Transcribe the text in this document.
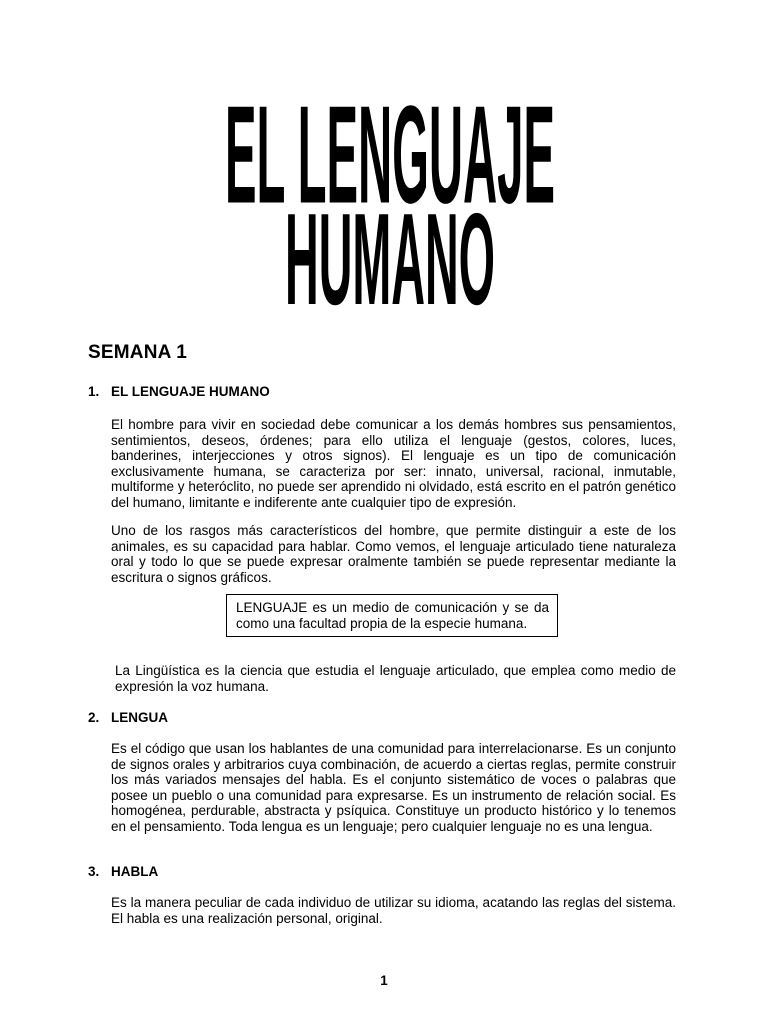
EL LENGUAJE
HUMANO
SEMANA 1
1. EL LENGUAJE HUMANO
El hombre para vivir en sociedad debe comunicar a los demás hombres sus pensamientos, sentimientos, deseos, órdenes; para ello utiliza el lenguaje (gestos, colores, luces, banderines, interjecciones y otros signos). El lenguaje es un tipo de comunicación exclusivamente humana, se caracteriza por ser: innato, universal, racional, inmutable, multiforme y heteróclito, no puede ser aprendido ni olvidado, está escrito en el patrón genético del humano, limitante e indiferente ante cualquier tipo de expresión.
Uno de los rasgos más característicos del hombre, que permite distinguir a este de los animales, es su capacidad para hablar. Como vemos, el lenguaje articulado tiene naturaleza oral y todo lo que se puede expresar oralmente también se puede representar mediante la escritura o signos gráficos.
LENGUAJE es un medio de comunicación y se da como una facultad propia de la especie humana.
La Lingüística es la ciencia que estudia el lenguaje articulado, que emplea como medio de expresión la voz humana.
2. LENGUA
Es el código que usan los hablantes de una comunidad para interrelacionarse. Es un conjunto de signos orales y arbitrarios cuya combinación, de acuerdo a ciertas reglas, permite construir los más variados mensajes del habla. Es el conjunto sistemático de voces o palabras que posee un pueblo o una comunidad para expresarse. Es un instrumento de relación social. Es homogénea, perdurable, abstracta y psíquica. Constituye un producto histórico y lo tenemos en el pensamiento. Toda lengua es un lenguaje; pero cualquier lenguaje no es una lengua.
3. HABLA
Es la manera peculiar de cada individuo de utilizar su idioma, acatando las reglas del sistema. El habla es una realización personal, original.
1
